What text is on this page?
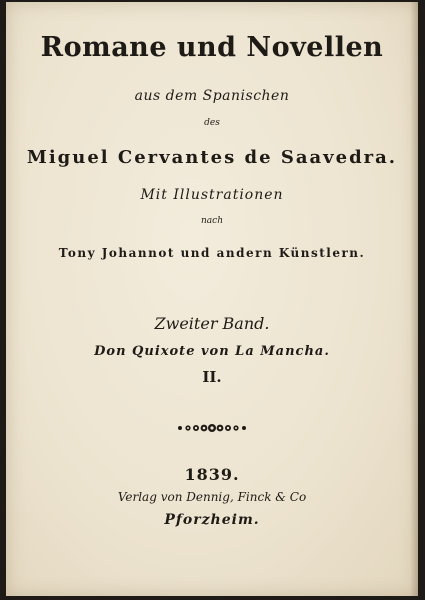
Romane und Novellen
aus dem Spanischen
des
Miguel Cervantes de Saavedra.
Mit Illustrationen
nach
Tony Johannot und andern Künstlern.
Zweiter Band.
Don Quixote von La Mancha.
II.
1839.
Verlag von Dennig, Finck & Co
Pforzheim.
